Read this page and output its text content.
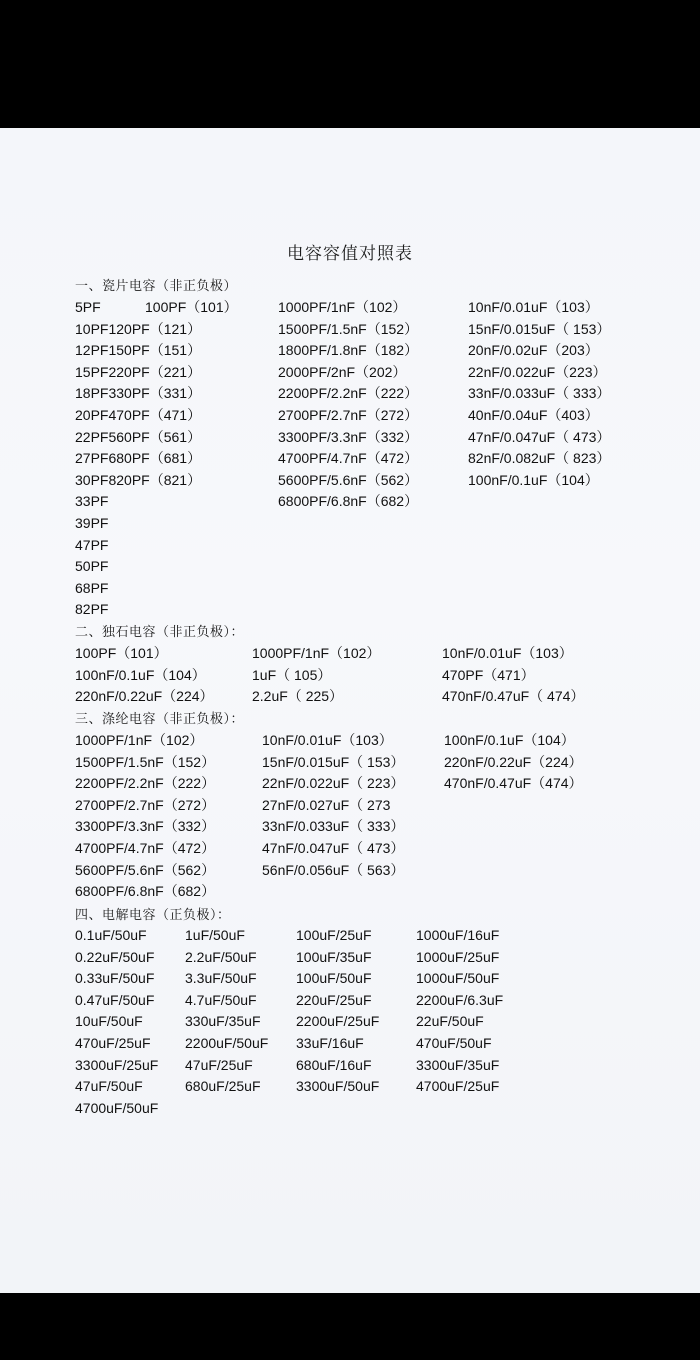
电容容值对照表
一、瓷片电容（非正负极）
5PF	100PF（101）	1000PF/1nF（102）	10nF/0.01uF（103）
10PF120PF（121）	1500PF/1.5nF（152）	15nF/0.015uF（ 153）
12PF150PF（151）	1800PF/1.8nF（182）	20nF/0.02uF（203）
15PF220PF（221）	2000PF/2nF（202）	22nF/0.022uF（223）
18PF330PF（331）	2200PF/2.2nF（222）	33nF/0.033uF（ 333）
20PF470PF（471）	2700PF/2.7nF（272）	40nF/0.04uF（403）
22PF560PF（561）	3300PF/3.3nF（332）	47nF/0.047uF（ 473）
27PF680PF（681）	4700PF/4.7nF（472）	82nF/0.082uF（ 823）
30PF820PF（821）	5600PF/5.6nF（562）	100nF/0.1uF（104）
33PF	6800PF/6.8nF（682）
39PF
47PF
50PF
68PF
82PF
二、独石电容（非正负极）：
100PF（101）	1000PF/1nF（102）	10nF/0.01uF（103）
100nF/0.1uF（104）	1uF（ 105）	470PF（471）
220nF/0.22uF（224）	2.2uF（ 225）	470nF/0.47uF（ 474）
三、涤纶电容（非正负极）：
1000PF/1nF（102）	10nF/0.01uF（103）	100nF/0.1uF（104）
1500PF/1.5nF（152）	15nF/0.015uF（ 153）	220nF/0.22uF（224）
2200PF/2.2nF（222）	22nF/0.022uF（ 223）	470nF/0.47uF（474）
2700PF/2.7nF（272）	27nF/0.027uF（ 273
3300PF/3.3nF（332）	33nF/0.033uF（ 333）
4700PF/4.7nF（472）	47nF/0.047uF（ 473）
5600PF/5.6nF（562）	56nF/0.056uF（ 563）
6800PF/6.8nF（682）
四、电解电容（正负极）：
0.1uF/50uF	1uF/50uF	100uF/25uF	1000uF/16uF
0.22uF/50uF 2.2uF/50uF	100uF/35uF	1000uF/25uF
0.33uF/50uF 3.3uF/50uF	100uF/50uF	1000uF/50uF
0.47uF/50uF 4.7uF/50uF	220uF/25uF	2200uF/6.3uF
10uF/50uF	330uF/35uF	2200uF/25uF	22uF/50uF
470uF/25uF 2200uF/50uF 33uF/16uF	470uF/50uF
3300uF/25uF 47uF/25uF	680uF/16uF	3300uF/35uF
47uF/50uF	680uF/25uF	3300uF/50uF	4700uF/25uF
4700uF/50uF
